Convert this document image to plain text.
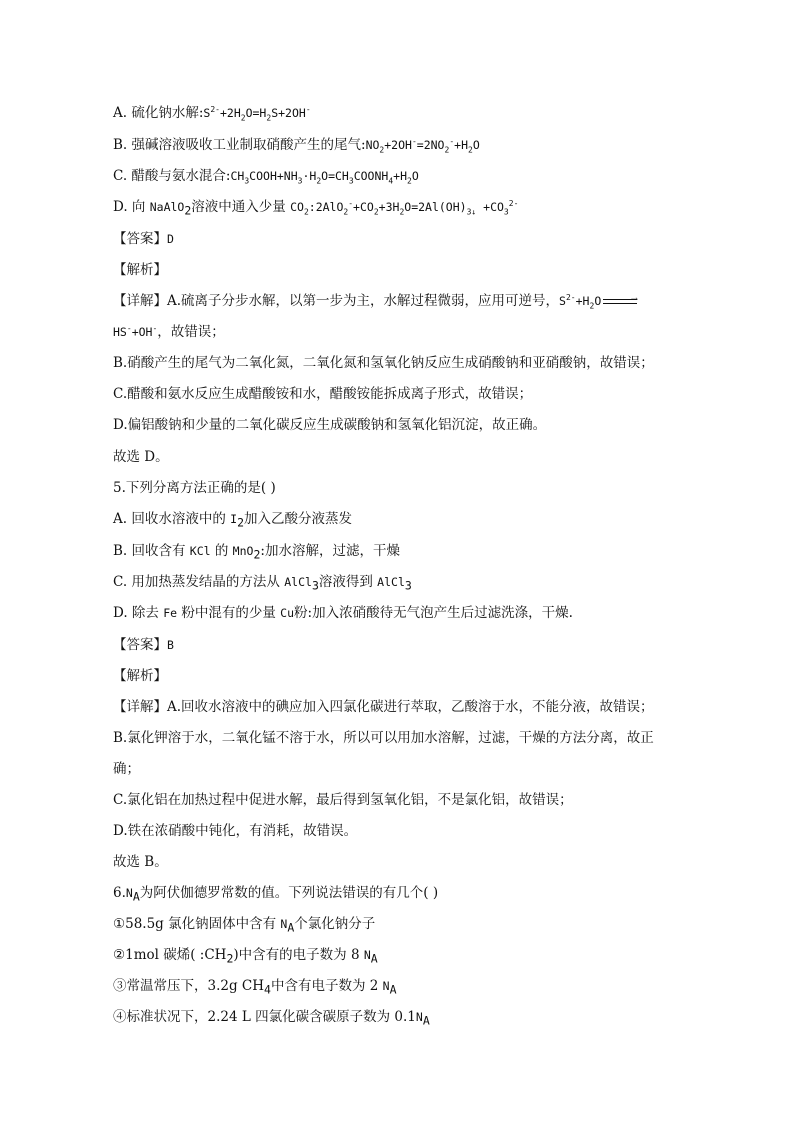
A. 硫化钠水解$:S^{2-}+2H_2O=H_2S+2OH^-$
B. 强碱溶液吸收工业制取硝酸产生的尾气$:NO_2+2OH^-=2NO_2^-+H_2O$
C. 醋酸与氨水混合$:CH_3COOH+NH_3\cdot H_2O=CH_3COONH_4+H_2O$
D. 向 NaAlO$_2$溶液中通入少量 $CO_2:2AlO_2^-+CO_2+3H_2O=2Al(OH)_{3↓} +CO_3^{2-}$
【答案】D
【解析】
【详解】A.硫离子分步水解，以第一步为主，水解过程微弱，应用可逆号，$S^{2-}+H_2O$	⇀
HS-+OH-，故错误；
B.硝酸产生的尾气为二氧化氮，二氧化氮和氢氧化钠反应生成硝酸钠和亚硝酸钠，故错误；
C.醋酸和氨水反应生成醋酸铵和水，醋酸铵能拆成离子形式，故错误；
D.偏铝酸钠和少量的二氧化碳反应生成碳酸钠和氢氧化铝沉淀，故正确。
故选 D。
5.下列分离方法正确的是( )
A. 回收水溶液中的 $I_2$加入乙酸分液蒸发
B. 回收含有 KCl 的 MnO$_2$:加水溶解，过滤，干燥
C. 用加热蒸发结晶的方法从 AlCl$_3$溶液得到 AlCl$_3$
D. 除去 Fe 粉中混有的少量 Cu粉:加入浓硝酸待无气泡产生后过滤洗涤，干燥.
【答案】B
【解析】
【详解】A.回收水溶液中的碘应加入四氯化碳进行萃取，乙酸溶于水，不能分液，故错误；
B.氯化钾溶于水，二氧化锰不溶于水，所以可以用加水溶解，过滤，干燥的方法分离，故正
确；
C.氯化铝在加热过程中促进水解，最后得到氢氧化铝，不是氯化铝，故错误；
D.铁在浓硝酸中钝化，有消耗，故错误。
故选 B。
$6.N_A$为阿伏伽德罗常数的值。下列说法错误的有几个( )
①58.5g 氯化钠固体中含有 $N_A$个氯化钠分子
②1mol 碳烯( $:CH_2$)中含有的电子数为 8 $N_A$
③常温常压下，3.2g $CH_4$中含有电子数为 2 $N_A$
④标准状况下，2.24 L 四氯化碳含碳原子数为 $0.1N_A$
